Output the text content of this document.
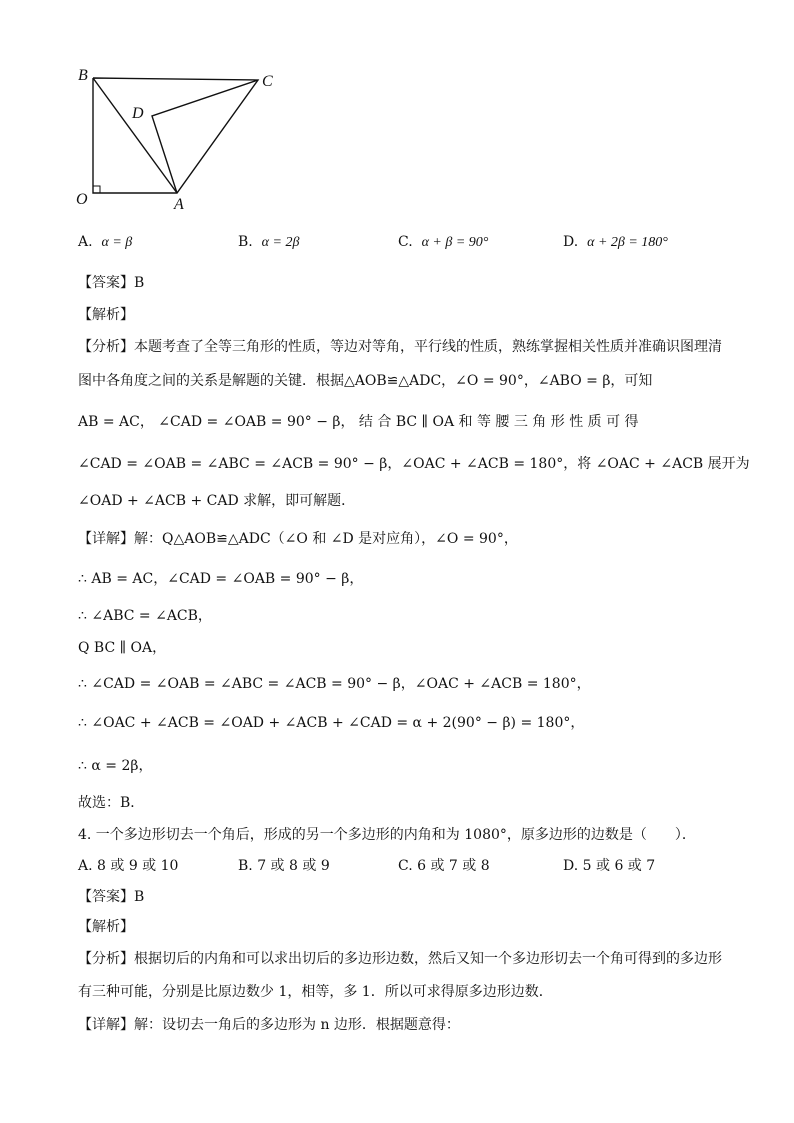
B	C
D
O	A
A. α = β	B. α = 2β	C. α + β = 90°	D. α + 2β = 180°
【答案】B
【解析】
【分析】本题考查了全等三角形的性质，等边对等角，平行线的性质，熟练掌握相关性质并准确识图理清
图中各角度之间的关系是解题的关键．根据△AOB≌△ADC，∠O = 90°，∠ABO = β，可知
AB = AC， ∠CAD = ∠OAB = 90° − β， 结 合 BC ∥ OA 和 等 腰 三 角 形 性 质 可 得
∠CAD = ∠OAB = ∠ABC = ∠ACB = 90° − β，∠OAC + ∠ACB = 180°，将 ∠OAC + ∠ACB 展开为
∠OAD + ∠ACB + CAD 求解，即可解题．
【详解】解：Q△AOB≌△ADC（∠O 和 ∠D 是对应角），∠O = 90°，
∴ AB = AC，∠CAD = ∠OAB = 90° − β，
∴ ∠ABC = ∠ACB，
Q BC ∥ OA，
∴ ∠CAD = ∠OAB = ∠ABC = ∠ACB = 90° − β，∠OAC + ∠ACB = 180°，
∴ ∠OAC + ∠ACB = ∠OAD + ∠ACB + ∠CAD = α + 2(90° − β) = 180°，
∴ α = 2β，
故选：B．
4. 一个多边形切去一个角后，形成的另一个多边形的内角和为 1080°，原多边形的边数是（　　）．
A. 8 或 9 或 10	B. 7 或 8 或 9	C. 6 或 7 或 8	D. 5 或 6 或 7
【答案】B
【解析】
【分析】根据切后的内角和可以求出切后的多边形边数，然后又知一个多边形切去一个角可得到的多边形
有三种可能，分别是比原边数少 1，相等，多 1．所以可求得原多边形边数．
【详解】解：设切去一角后的多边形为 n 边形．根据题意得：
